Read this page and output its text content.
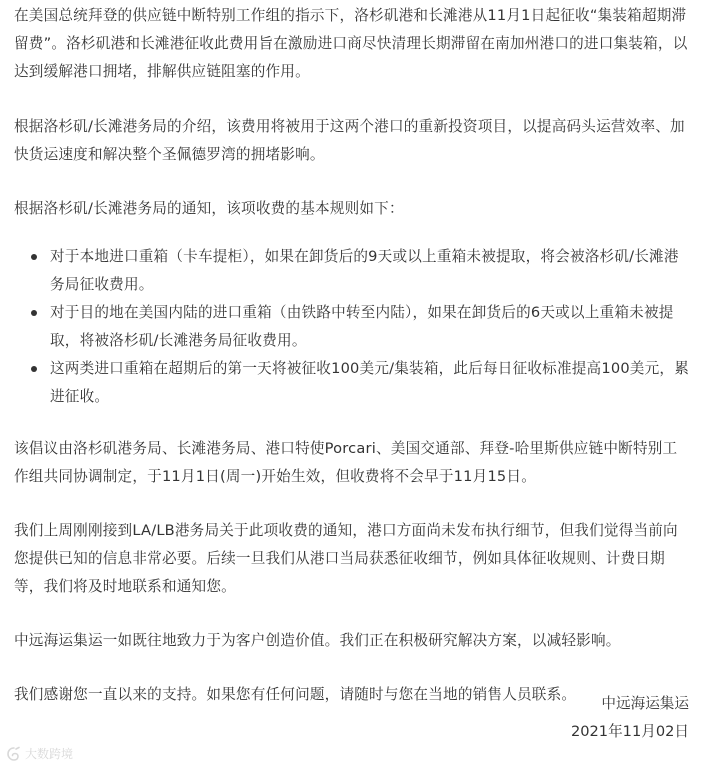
在美国总统拜登的供应链中断特别工作组的指示下，洛杉矶港和长滩港从11月1日起征收“集装箱超期滞留费”。洛杉矶港和长滩港征收此费用旨在激励进口商尽快清理长期滞留在南加州港口的进口集装箱，以达到缓解港口拥堵，排解供应链阻塞的作用。

根据洛杉矶/长滩港务局的介绍，该费用将被用于这两个港口的重新投资项目，以提高码头运营效率、加快货运速度和解决整个圣佩德罗湾的拥堵影响。

根据洛杉矶/长滩港务局的通知，该项收费的基本规则如下：

对于本地进口重箱（卡车提柜），如果在卸货后的9天或以上重箱未被提取，将会被洛杉矶/长滩港务局征收费用。
对于目的地在美国内陆的进口重箱（由铁路中转至内陆），如果在卸货后的6天或以上重箱未被提取，将被洛杉矶/长滩港务局征收费用。
这两类进口重箱在超期后的第一天将被征收100美元/集装箱，此后每日征收标准提高100美元，累进征收。

该倡议由洛杉矶港务局、长滩港务局、港口特使Porcari、美国交通部、拜登-哈里斯供应链中断特别工作组共同协调制定，于11月1日(周一)开始生效，但收费将不会早于11月15日。

我们上周刚刚接到LA/LB港务局关于此项收费的通知，港口方面尚未发布执行细节，但我们觉得当前向您提供已知的信息非常必要。后续一旦我们从港口当局获悉征收细节，例如具体征收规则、计费日期等，我们将及时地联系和通知您。

中远海运集运一如既往地致力于为客户创造价值。我们正在积极研究解决方案，以减轻影响。

我们感谢您一直以来的支持。如果您有任何问题，请随时与您在当地的销售人员联系。

中远海运集运
2021年11月02日
大数跨境
